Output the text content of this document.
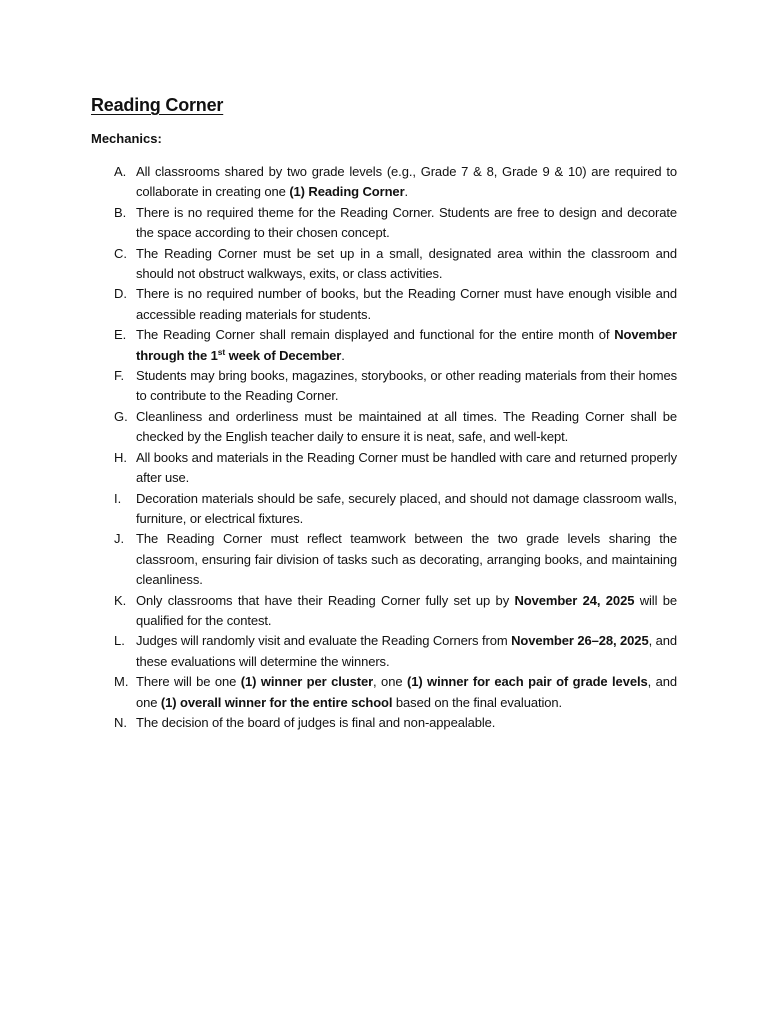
Reading Corner
Mechanics:
A. All classrooms shared by two grade levels (e.g., Grade 7 & 8, Grade 9 & 10) are required to collaborate in creating one (1) Reading Corner.
B. There is no required theme for the Reading Corner. Students are free to design and decorate the space according to their chosen concept.
C. The Reading Corner must be set up in a small, designated area within the classroom and should not obstruct walkways, exits, or class activities.
D. There is no required number of books, but the Reading Corner must have enough visible and accessible reading materials for students.
E. The Reading Corner shall remain displayed and functional for the entire month of November through the 1st week of December.
F. Students may bring books, magazines, storybooks, or other reading materials from their homes to contribute to the Reading Corner.
G. Cleanliness and orderliness must be maintained at all times. The Reading Corner shall be checked by the English teacher daily to ensure it is neat, safe, and well-kept.
H. All books and materials in the Reading Corner must be handled with care and returned properly after use.
I. Decoration materials should be safe, securely placed, and should not damage classroom walls, furniture, or electrical fixtures.
J. The Reading Corner must reflect teamwork between the two grade levels sharing the classroom, ensuring fair division of tasks such as decorating, arranging books, and maintaining cleanliness.
K. Only classrooms that have their Reading Corner fully set up by November 24, 2025 will be qualified for the contest.
L. Judges will randomly visit and evaluate the Reading Corners from November 26–28, 2025, and these evaluations will determine the winners.
M. There will be one (1) winner per cluster, one (1) winner for each pair of grade levels, and one (1) overall winner for the entire school based on the final evaluation.
N. The decision of the board of judges is final and non-appealable.
